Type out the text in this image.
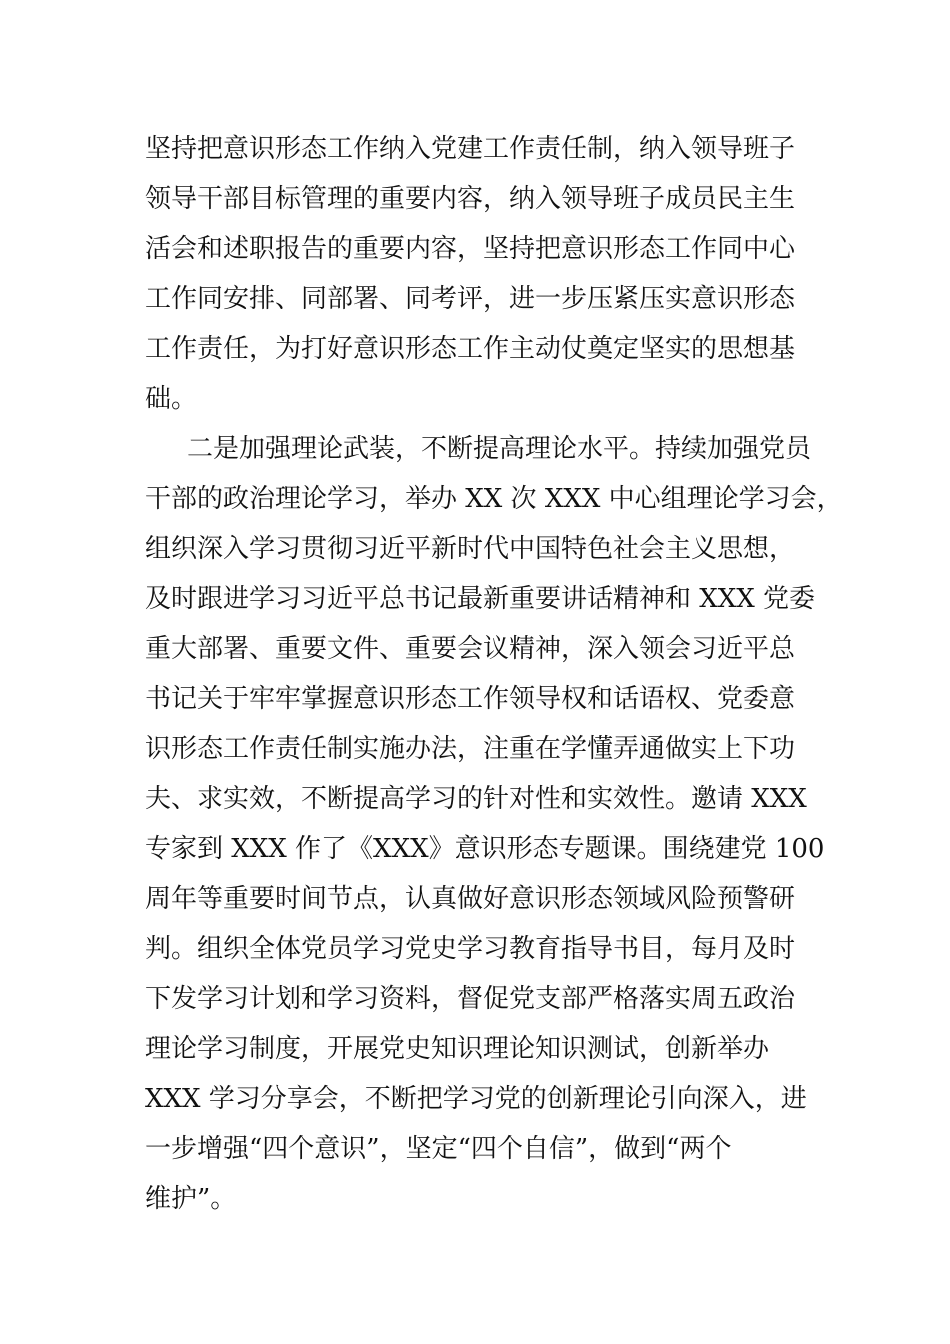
坚持把意识形态工作纳入党建工作责任制，纳入领导班子
领导干部目标管理的重要内容，纳入领导班子成员民主生
活会和述职报告的重要内容，坚持把意识形态工作同中心
工作同安排、同部署、同考评，进一步压紧压实意识形态
工作责任，为打好意识形态工作主动仗奠定坚实的思想基
础。
二是加强理论武装，不断提高理论水平。持续加强党员
干部的政治理论学习，举办 XX 次 XXX 中心组理论学习会，
组织深入学习贯彻习近平新时代中国特色社会主义思想，
及时跟进学习习近平总书记最新重要讲话精神和 XXX 党委
重大部署、重要文件、重要会议精神，深入领会习近平总
书记关于牢牢掌握意识形态工作领导权和话语权、党委意
识形态工作责任制实施办法，注重在学懂弄通做实上下功
夫、求实效，不断提高学习的针对性和实效性。邀请 XXX
专家到 XXX 作了《XXX》意识形态专题课。围绕建党 100
周年等重要时间节点，认真做好意识形态领域风险预警研
判。组织全体党员学习党史学习教育指导书目，每月及时
下发学习计划和学习资料，督促党支部严格落实周五政治
理论学习制度，开展党史知识理论知识测试，创新举办
XXX 学习分享会，不断把学习党的创新理论引向深入，进
一步增强“四个意识”，坚定“四个自信”，做到“两个
维护”。
